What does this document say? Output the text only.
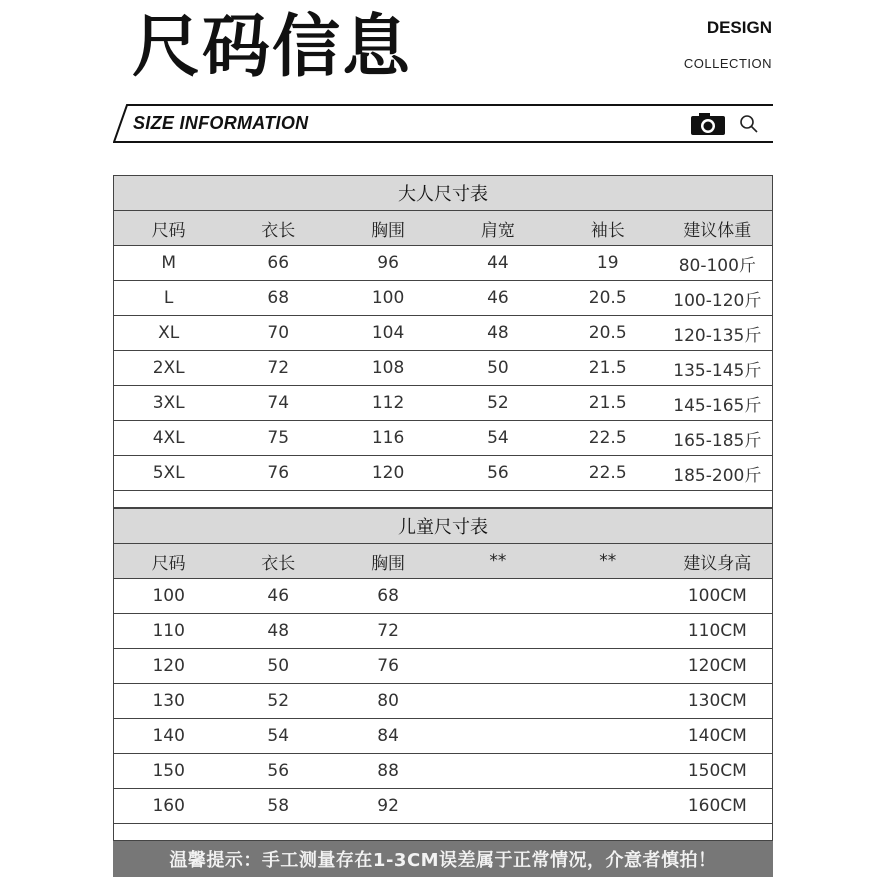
尺码信息	DESIGN
COLLECTION
SIZE INFORMATION
大人尺寸表					
尺码	衣长	胸围	肩宽	袖长	建议体重
M	66	96	44	19	80-100斤
L	68	100	46	20.5	100-120斤
XL	70	104	48	20.5	120-135斤
2XL	72	108	50	21.5	135-145斤
3XL	74	112	52	21.5	145-165斤
4XL	75	116	54	22.5	165-185斤
5XL	76	120	56	22.5	185-200斤

儿童尺寸表					
尺码	衣长	胸围	**	**	建议身高
100	46	68			100CM
110	48	72			110CM
120	50	76			120CM
130	52	80			130CM
140	54	84			140CM
150	56	88			150CM
160	58	92			160CM

温馨提示：手工测量存在1-3CM误差属于正常情况，介意者慎拍！
